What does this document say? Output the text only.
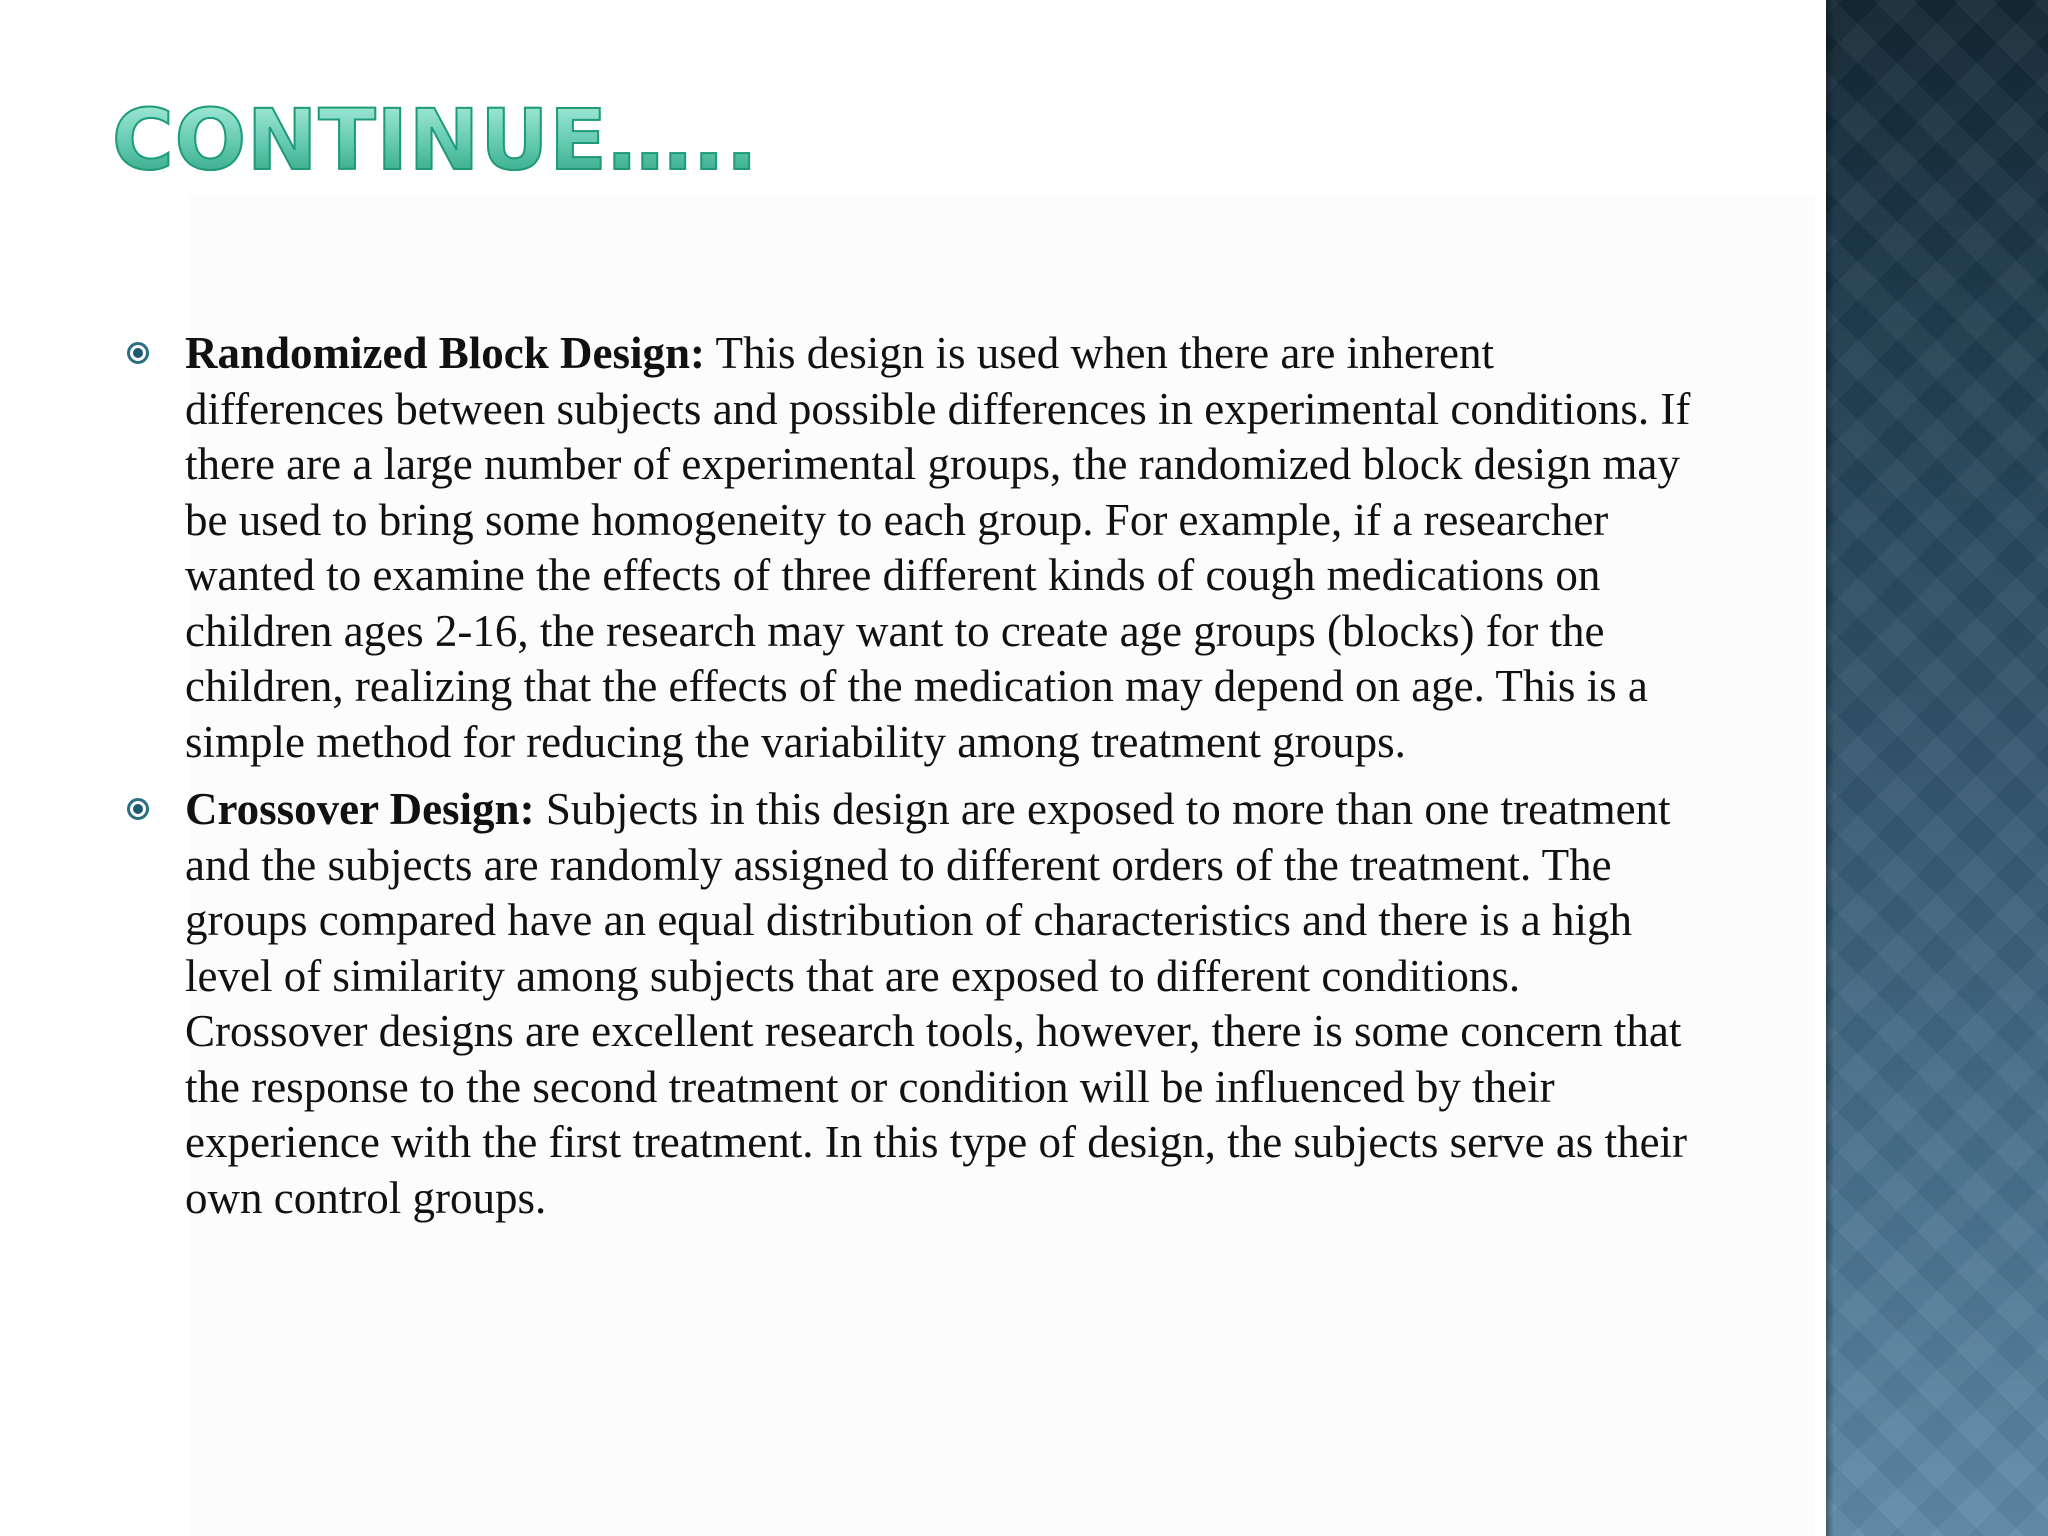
CONTINUE…..
Randomized Block Design: This design is used when there are inherent differences between subjects and possible differences in experimental conditions. If there are a large number of experimental groups, the randomized block design may be used to bring some homogeneity to each group. For example, if a researcher wanted to examine the effects of three different kinds of cough medications on children ages 2-16, the research may want to create age groups (blocks) for the children, realizing that the effects of the medication may depend on age. This is a simple method for reducing the variability among treatment groups.
Crossover Design: Subjects in this design are exposed to more than one treatment and the subjects are randomly assigned to different orders of the treatment. The groups compared have an equal distribution of characteristics and there is a high level of similarity among subjects that are exposed to different conditions. Crossover designs are excellent research tools, however, there is some concern that the response to the second treatment or condition will be influenced by their experience with the first treatment. In this type of design, the subjects serve as their own control groups.
